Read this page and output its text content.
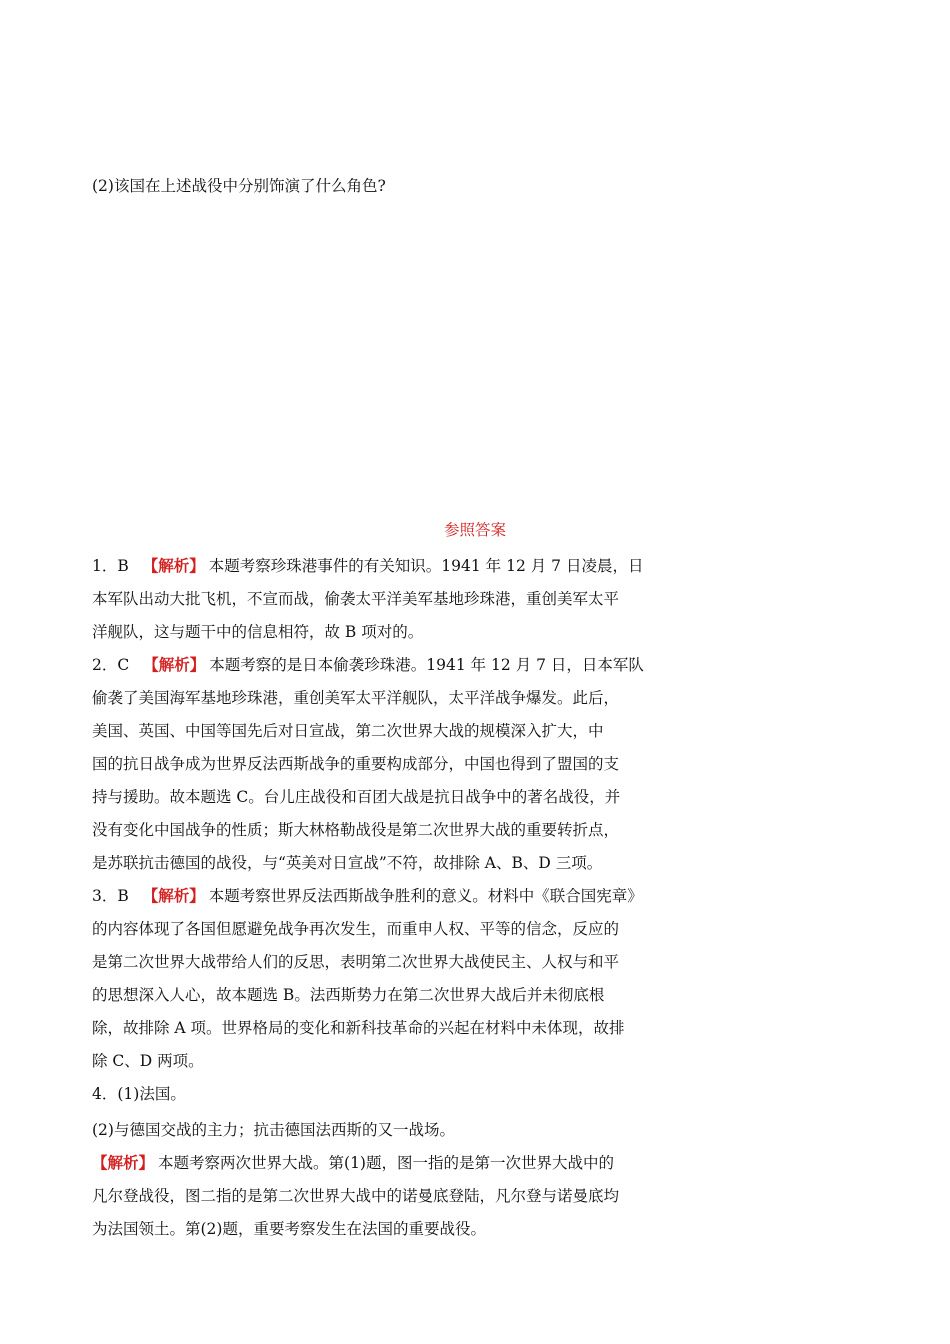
(2)该国在上述战役中分别饰演了什么角色?
参照答案
1．B 【解析】 本题考察珍珠港事件的有关知识。1941 年 12 月 7 日凌晨，日
本军队出动大批飞机，不宣而战，偷袭太平洋美军基地珍珠港，重创美军太平
洋舰队，这与题干中的信息相符，故 B 项对的。
2．C 【解析】 本题考察的是日本偷袭珍珠港。1941 年 12 月 7 日，日本军队
偷袭了美国海军基地珍珠港，重创美军太平洋舰队，太平洋战争爆发。此后，
美国、英国、中国等国先后对日宣战，第二次世界大战的规模深入扩大，中
国的抗日战争成为世界反法西斯战争的重要构成部分，中国也得到了盟国的支
持与援助。故本题选 C。台儿庄战役和百团大战是抗日战争中的著名战役，并
没有变化中国战争的性质；斯大林格勒战役是第二次世界大战的重要转折点，
是苏联抗击德国的战役，与“英美对日宣战”不符，故排除 A、B、D 三项。
3．B 【解析】 本题考察世界反法西斯战争胜利的意义。材料中《联合国宪章》
的内容体现了各国但愿避免战争再次发生，而重申人权、平等的信念，反应的
是第二次世界大战带给人们的反思，表明第二次世界大战使民主、人权与和平
的思想深入人心，故本题选 B。法西斯势力在第二次世界大战后并未彻底根
除，故排除 A 项。世界格局的变化和新科技革命的兴起在材料中未体现，故排
除 C、D 两项。
4．(1)法国。
(2)与德国交战的主力；抗击德国法西斯的又一战场。
【解析】 本题考察两次世界大战。第(1)题，图一指的是第一次世界大战中的
凡尔登战役，图二指的是第二次世界大战中的诺曼底登陆，凡尔登与诺曼底均
为法国领土。第(2)题，重要考察发生在法国的重要战役。
